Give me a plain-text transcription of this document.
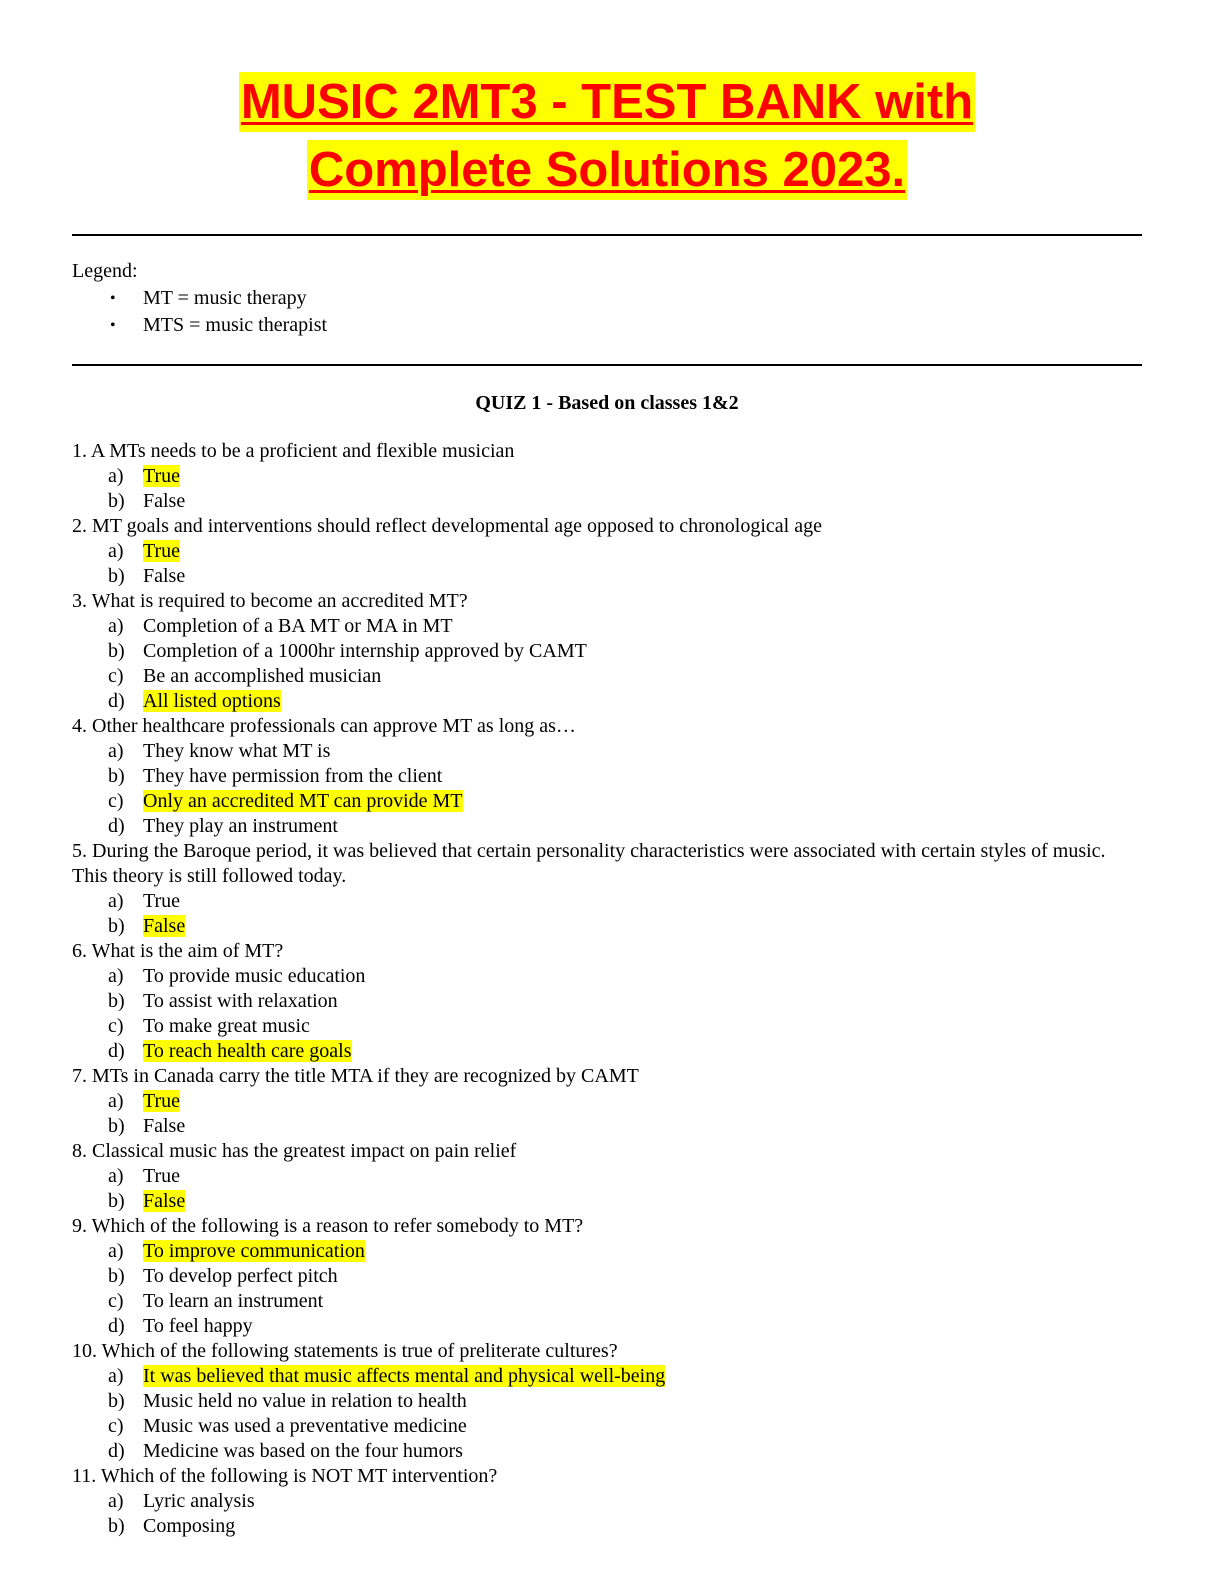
MUSIC 2MT3 - TEST BANK with
Complete Solutions 2023.
Legend:
• MT = music therapy
• MTS = music therapist
QUIZ 1 - Based on classes 1&2

1. A MTs needs to be a proficient and flexible musician

a) True
b) False

2. MT goals and interventions should reflect developmental age opposed to chronological age

a) True
b) False

3. What is required to become an accredited MT?

a) Completion of a BA MT or MA in MT
b) Completion of a 1000hr internship approved by CAMT
c) Be an accomplished musician
d) All listed options

4. Other healthcare professionals can approve MT as long as…

a) They know what MT is
b) They have permission from the client
c) Only an accredited MT can provide MT
d) They play an instrument

5. During the Baroque period, it was believed that certain personality characteristics were associated with certain styles of music. This theory is still followed today.

a) True
b) False

6. What is the aim of MT?

a) To provide music education
b) To assist with relaxation
c) To make great music
d) To reach health care goals

7. MTs in Canada carry the title MTA if they are recognized by CAMT

a) True
b) False

8. Classical music has the greatest impact on pain relief

a) True
b) False

9. Which of the following is a reason to refer somebody to MT?

a) To improve communication
b) To develop perfect pitch
c) To learn an instrument
d) To feel happy

10. Which of the following statements is true of preliterate cultures?

a) It was believed that music affects mental and physical well-being
b) Music held no value in relation to health
c) Music was used a preventative medicine
d) Medicine was based on the four humors

11. Which of the following is NOT MT intervention?

a) Lyric analysis
b) Composing
